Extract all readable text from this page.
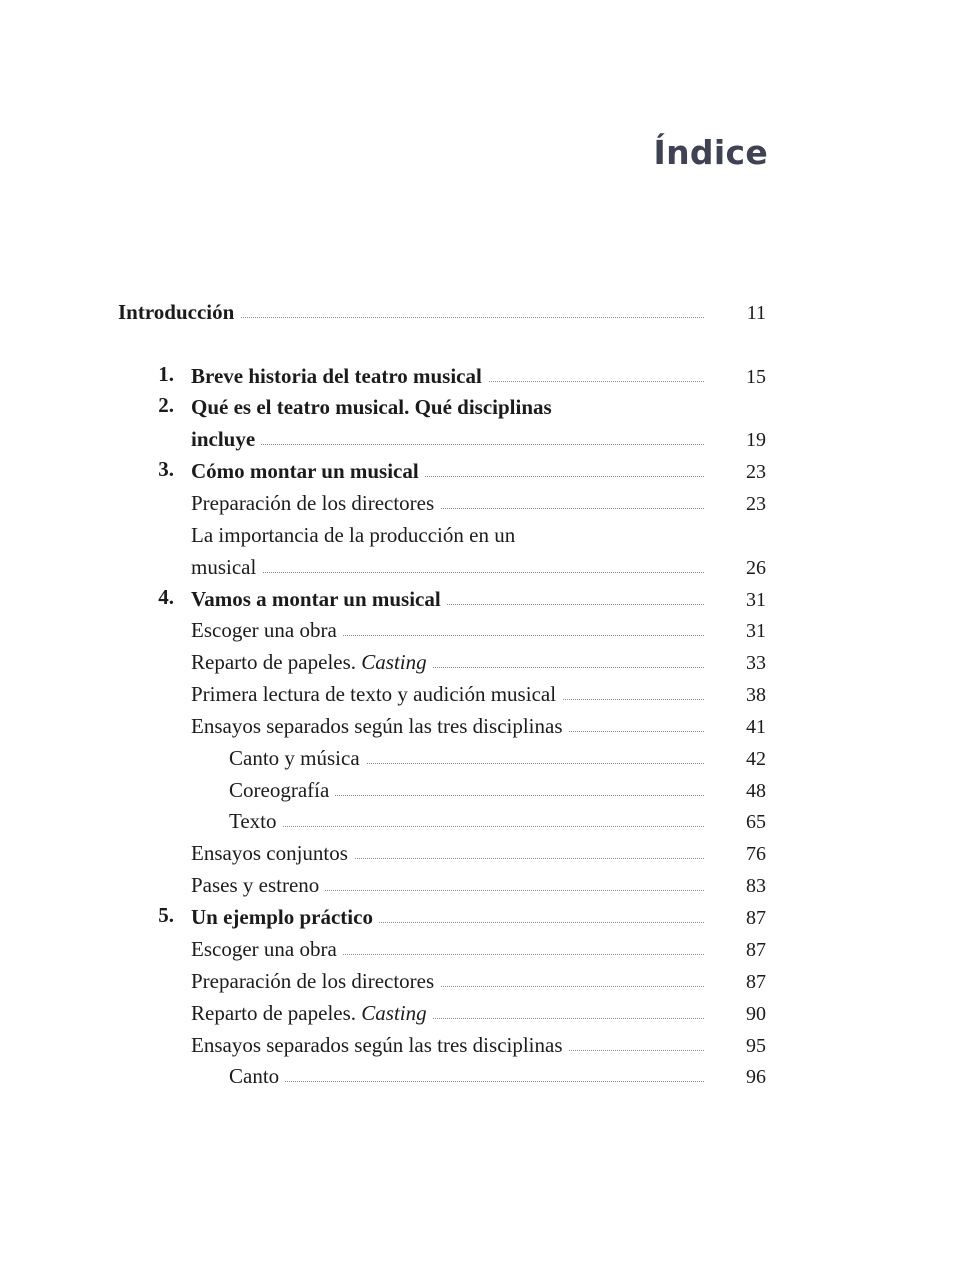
Índice
Introducción	11
1. Breve historia del teatro musical	15
2. Qué es el teatro musical. Qué disciplinas
incluye	19
3. Cómo montar un musical	23
Preparación de los directores	23
La importancia de la producción en un
musical	26
4. Vamos a montar un musical	31
Escoger una obra	31
Reparto de papeles. Casting	33
Primera lectura de texto y audición musical	38
Ensayos separados según las tres disciplinas	41
Canto y música	42
Coreografía	48
Texto	65
Ensayos conjuntos	76
Pases y estreno	83
5. Un ejemplo práctico	87
Escoger una obra	87
Preparación de los directores	87
Reparto de papeles. Casting	90
Ensayos separados según las tres disciplinas	95
Canto	96
